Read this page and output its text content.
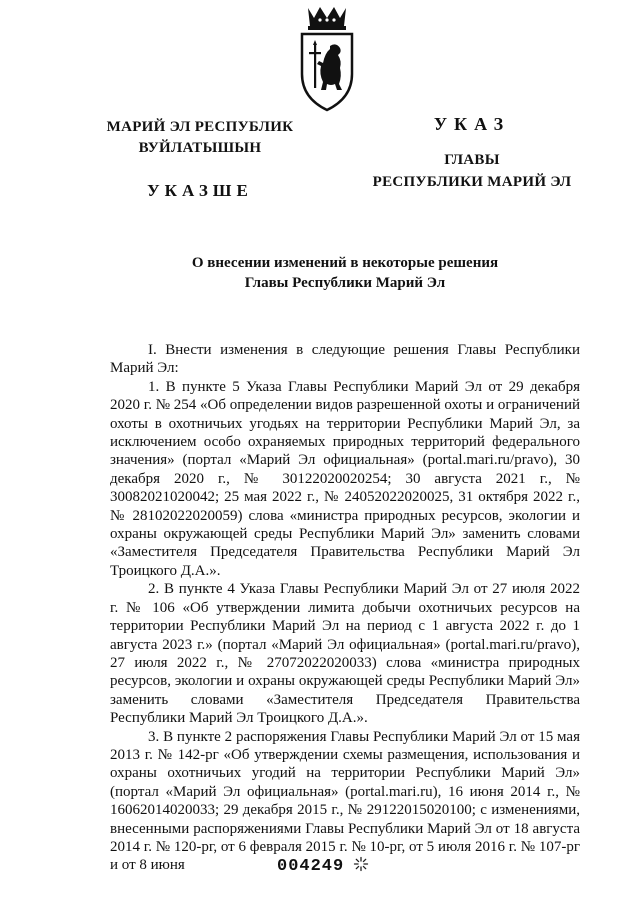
МАРИЙ ЭЛ РЕСПУБЛИК
ВУЙЛАТЫШЫН
УКАЗШЕ
УКАЗ
ГЛАВЫ
РЕСПУБЛИКИ МАРИЙ ЭЛ
О внесении изменений в некоторые решения
Главы Республики Марий Эл

I. Внести изменения в следующие решения Главы Республики Марий Эл:

1. В пункте 5 Указа Главы Республики Марий Эл от 29 декабря 2020 г. № 254 «Об определении видов разрешенной охоты и ограничений охоты в охотничьих угодьях на территории Республики Марий Эл, за исключением особо охраняемых природных территорий федерального значения» (портал «Марий Эл официальная» (portal.mari.ru/pravo), 30 декабря 2020 г., № 30122020020254; 30 августа 2021 г., № 30082021020042; 25 мая 2022 г., № 24052022020025, 31 октября 2022 г., № 28102022020059) слова «министра природных ресурсов, экологии и охраны окружающей среды Республики Марий Эл» заменить словами «Заместителя Председателя Правительства Республики Марий Эл Троицкого Д.А.».

2. В пункте 4 Указа Главы Республики Марий Эл от 27 июля 2022 г. № 106 «Об утверждении лимита добычи охотничьих ресурсов на территории Республики Марий Эл на период с 1 августа 2022 г. до 1 августа 2023 г.» (портал «Марий Эл официальная» (portal.mari.ru/pravo), 27 июля 2022 г., № 27072022020033) слова «министра природных ресурсов, экологии и охраны окружающей среды Республики Марий Эл» заменить словами «Заместителя Председателя Правительства Республики Марий Эл Троицкого Д.А.».

3. В пункте 2 распоряжения Главы Республики Марий Эл от 15 мая 2013 г. № 142-рг «Об утверждении схемы размещения, использования и охраны охотничьих угодий на территории Республики Марий Эл» (портал «Марий Эл официальная» (portal.mari.ru), 16 июня 2014 г., № 16062014020033; 29 декабря 2015 г., № 29122015020100; с изменениями, внесенными распоряжениями Главы Республики Марий Эл от 18 августа 2014 г. № 120-рг, от 6 февраля 2015 г. № 10-рг, от 5 июля 2016 г. № 107-рг и от 8 июня	004249
